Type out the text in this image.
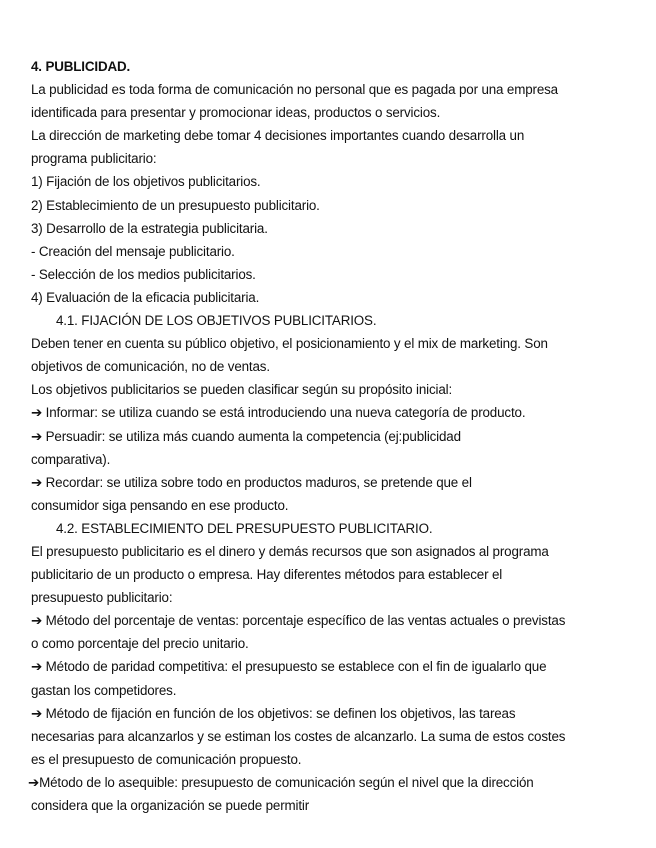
4. PUBLICIDAD.
La publicidad es toda forma de comunicación no personal que es pagada por una empresa
identificada para presentar y promocionar ideas, productos o servicios.
La dirección de marketing debe tomar 4 decisiones importantes cuando desarrolla un
programa publicitario:
1) Fijación de los objetivos publicitarios.
2) Establecimiento de un presupuesto publicitario.
3) Desarrollo de la estrategia publicitaria.
- Creación del mensaje publicitario.
- Selección de los medios publicitarios.
4) Evaluación de la eficacia publicitaria.
4.1. FIJACIÓN DE LOS OBJETIVOS PUBLICITARIOS.
Deben tener en cuenta su público objetivo, el posicionamiento y el mix de marketing. Son
objetivos de comunicación, no de ventas.
Los objetivos publicitarios se pueden clasificar según su propósito inicial:
➔ Informar: se utiliza cuando se está introduciendo una nueva categoría de producto.
➔ Persuadir: se utiliza más cuando aumenta la competencia (ej:publicidad
comparativa).
➔ Recordar: se utiliza sobre todo en productos maduros, se pretende que el
consumidor siga pensando en ese producto.
4.2. ESTABLECIMIENTO DEL PRESUPUESTO PUBLICITARIO.
El presupuesto publicitario es el dinero y demás recursos que son asignados al programa
publicitario de un producto o empresa. Hay diferentes métodos para establecer el
presupuesto publicitario:
➔ Método del porcentaje de ventas: porcentaje específico de las ventas actuales o previstas
o como porcentaje del precio unitario.
➔ Método de paridad competitiva: el presupuesto se establece con el fin de igualarlo que
gastan los competidores.
➔ Método de fijación en función de los objetivos: se definen los objetivos, las tareas
necesarias para alcanzarlos y se estiman los costes de alcanzarlo. La suma de estos costes
es el presupuesto de comunicación propuesto.
➔Método de lo asequible: presupuesto de comunicación según el nivel que la dirección
considera que la organización se puede permitir
